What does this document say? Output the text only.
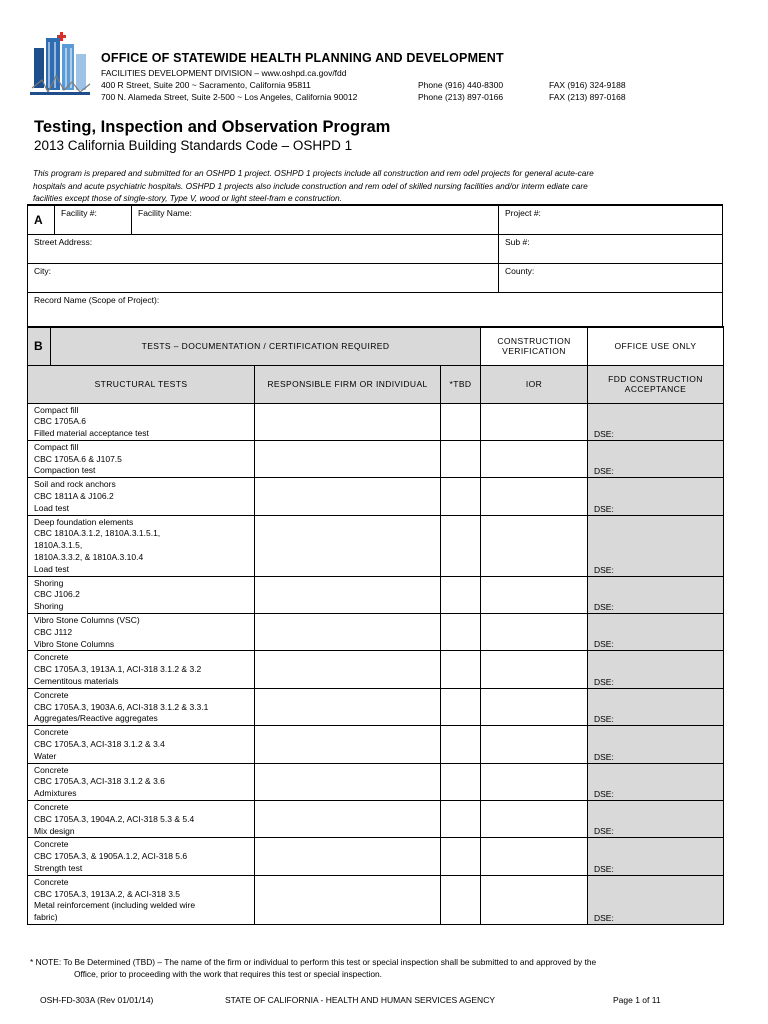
OFFICE OF STATEWIDE HEALTH PLANNING AND DEVELOPMENT
FACILITIES DEVELOPMENT DIVISION – www.oshpd.ca.gov/fdd
400 R Street, Suite 200 ~ Sacramento, California 95811	Phone (916) 440-8300	FAX (916) 324-9188
700 N. Alameda Street, Suite 2-500 ~ Los Angeles, California 90012	Phone (213) 897-0166	FAX (213) 897-0168
Testing, Inspection and Observation Program
2013 California Building Standards Code – OSHPD 1
This program is prepared and submitted for an OSHPD 1 project. OSHPD 1 projects include all construction and rem odel projects for general acute-care
hospitals and acute psychiatric hospitals. OSHPD 1 projects also include construction and rem odel of skilled nursing facilities and/or interm ediate care
facilities except those of single-story, Type V, wood or light steel-fram e construction.
A	Facility #:	Facility Name:	Project #:
Street Address:			Sub #:
City:			County:
Record Name (Scope of Project):			
B	TESTS – DOCUMENTATION / CERTIFICATION REQUIRED			CONSTRUCTION VERIFICATION	OFFICE USE ONLY
STRUCTURAL TESTS		RESPONSIBLE FIRM OR INDIVIDUAL	*TBD	IOR	FDD CONSTRUCTION ACCEPTANCE

Compact fill
CBC 1705A.6
Filled material acceptance test					DSE:

Compact fill
CBC 1705A.6 & J107.5
Compaction test					DSE:

Soil and rock anchors
CBC 1811A & J106.2
Load test					DSE:

Deep foundation elements
CBC 1810A.3.1.2, 1810A.3.1.5.1,
1810A.3.1.5,
1810A.3.3.2, & 1810A.3.10.4
Load test					DSE:

Shoring
CBC J106.2
Shoring					DSE:

Vibro Stone Columns (VSC)
CBC J112
Vibro Stone Columns					DSE:

Concrete
CBC 1705A.3, 1913A.1, ACI-318 3.1.2 & 3.2
Cementitous materials					DSE:

Concrete
CBC 1705A.3, 1903A.6, ACI-318 3.1.2 & 3.3.1
Aggregates/Reactive aggregates					DSE:

Concrete
CBC 1705A.3, ACI-318 3.1.2 & 3.4
Water					DSE:

Concrete
CBC 1705A.3, ACI-318 3.1.2 & 3.6
Admixtures					DSE:

Concrete
CBC 1705A.3, 1904A.2, ACI-318 5.3 & 5.4
Mix design					DSE:

Concrete
CBC 1705A.3, & 1905A.1.2, ACI-318 5.6
Strength test					DSE:

Concrete
CBC 1705A.3, 1913A.2, & ACI-318 3.5
Metal reinforcement (including welded wire
fabric)					DSE:
* NOTE: To Be Determined (TBD) – The name of the firm or individual to perform this test or special inspection shall be submitted to and approved by the
Office, prior to proceeding with the work that requires this test or special inspection.
OSH-FD-303A (Rev 01/01/14)	STATE OF CALIFORNIA - HEALTH AND HUMAN SERVICES AGENCY	Page 1 of 11
